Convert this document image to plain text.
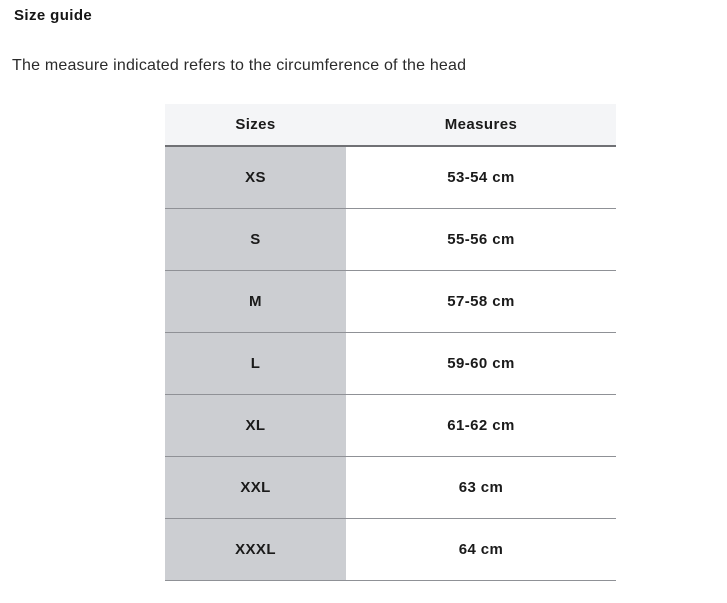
Size guide
The measure indicated refers to the circumference of the head
Sizes	Measures
XS	53-54 cm
S	55-56 cm
M	57-58 cm
L	59-60 cm
XL	61-62 cm
XXL	63 cm
XXXL	64 cm
